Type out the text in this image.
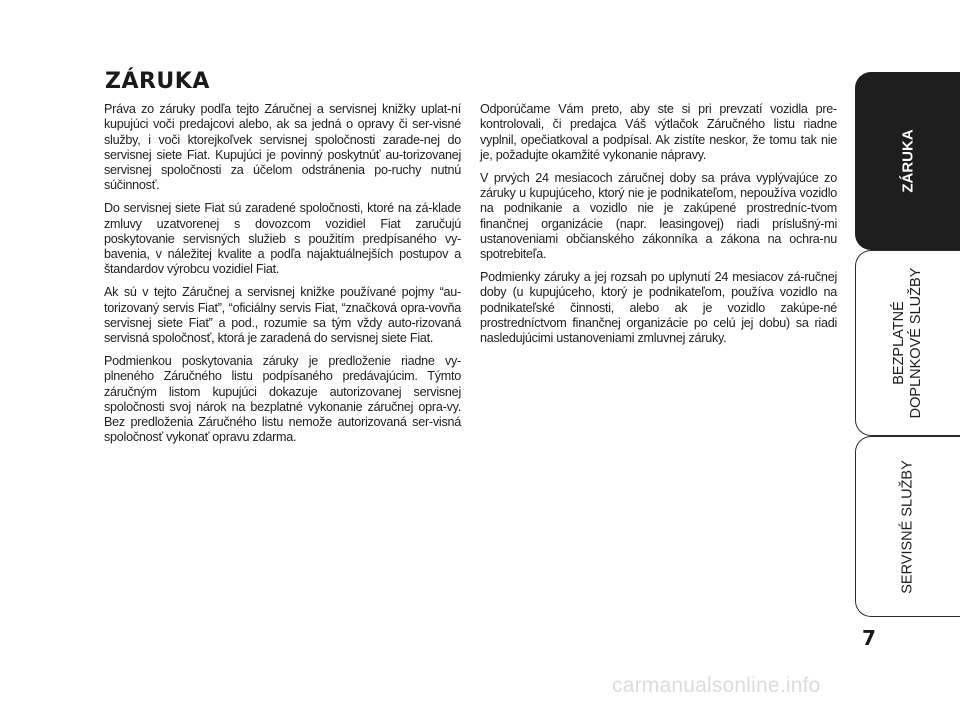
ZÁRUKA

Práva zo záruky podľa tejto Záručnej a servisnej knižky uplat-ní kupujúci voči predajcovi alebo, ak sa jedná o opravy či ser-visné služby, i voči ktorejkoľvek servisnej spoločnosti zarade-nej do servisnej siete Fiat. Kupujúci je povinný poskytnúť au-torizovanej servisnej spoločnosti za účelom odstránenia po-ruchy nutnú súčinnosť.

Do servisnej siete Fiat sú zaradené spoločnosti, ktoré na zá-klade zmluvy uzatvorenej s dovozcom vozidiel Fiat zaručujú poskytovanie servisných služieb s použitím predpísaného vy-bavenia, v náležitej kvalite a podľa najaktuálnejších postupov a štandardov výrobcu vozidiel Fiat.

Ak sú v tejto Záručnej a servisnej knižke používané pojmy “au-torizovaný servis Fiat”, “oficiálny servis Fiat, “značková opra-vovňa servisnej siete Fiat” a pod., rozumie sa tým vždy auto-rizovaná servisná spoločnosť, ktorá je zaradená do servisnej siete Fiat.

Podmienkou poskytovania záruky je predloženie riadne vy-plneného Záručného listu podpísaného predávajúcim. Týmto záručným listom kupujúci dokazuje autorizovanej servisnej spoločnosti svoj nárok na bezplatné vykonanie záručnej opra-vy. Bez predloženia Záručného listu nemože autorizovaná ser-visná spoločnosť vykonať opravu zdarma.

Odporúčame Vám preto, aby ste si pri prevzatí vozidla pre-kontrolovali, či predajca Váš výtlačok Záručného listu riadne vyplnil, opečiatkoval a podpísal. Ak zistíte neskor, že tomu tak nie je, požadujte okamžité vykonanie nápravy.

V prvých 24 mesiacoch záručnej doby sa práva vyplývajúce zo záruky u kupujúceho, ktorý nie je podnikateľom, nepoužíva vozidlo na podnikanie a vozidlo nie je zakúpené prostredníc-tvom finančnej organizácie (napr. leasingovej) riadi príslušný-mi ustanoveniami občianského zákonníka a zákona na ochra-nu spotrebiteľa.

Podmienky záruky a jej rozsah po uplynutí 24 mesiacov zá-ručnej doby (u kupujúceho, ktorý je podnikateľom, používa vozidlo na podnikateľské činnosti, alebo ak je vozidlo zakúpe-né prostredníctvom finančnej organizácie po celú jej dobu) sa riadi nasledujúcimi ustanoveniami zmluvnej záruky.

ZÁRUKA
BEZPLATNÉ DOPLNKOVÉ SLUŽBY
SERVISNÉ SLUŽBY
7
carmanualsonline.info
